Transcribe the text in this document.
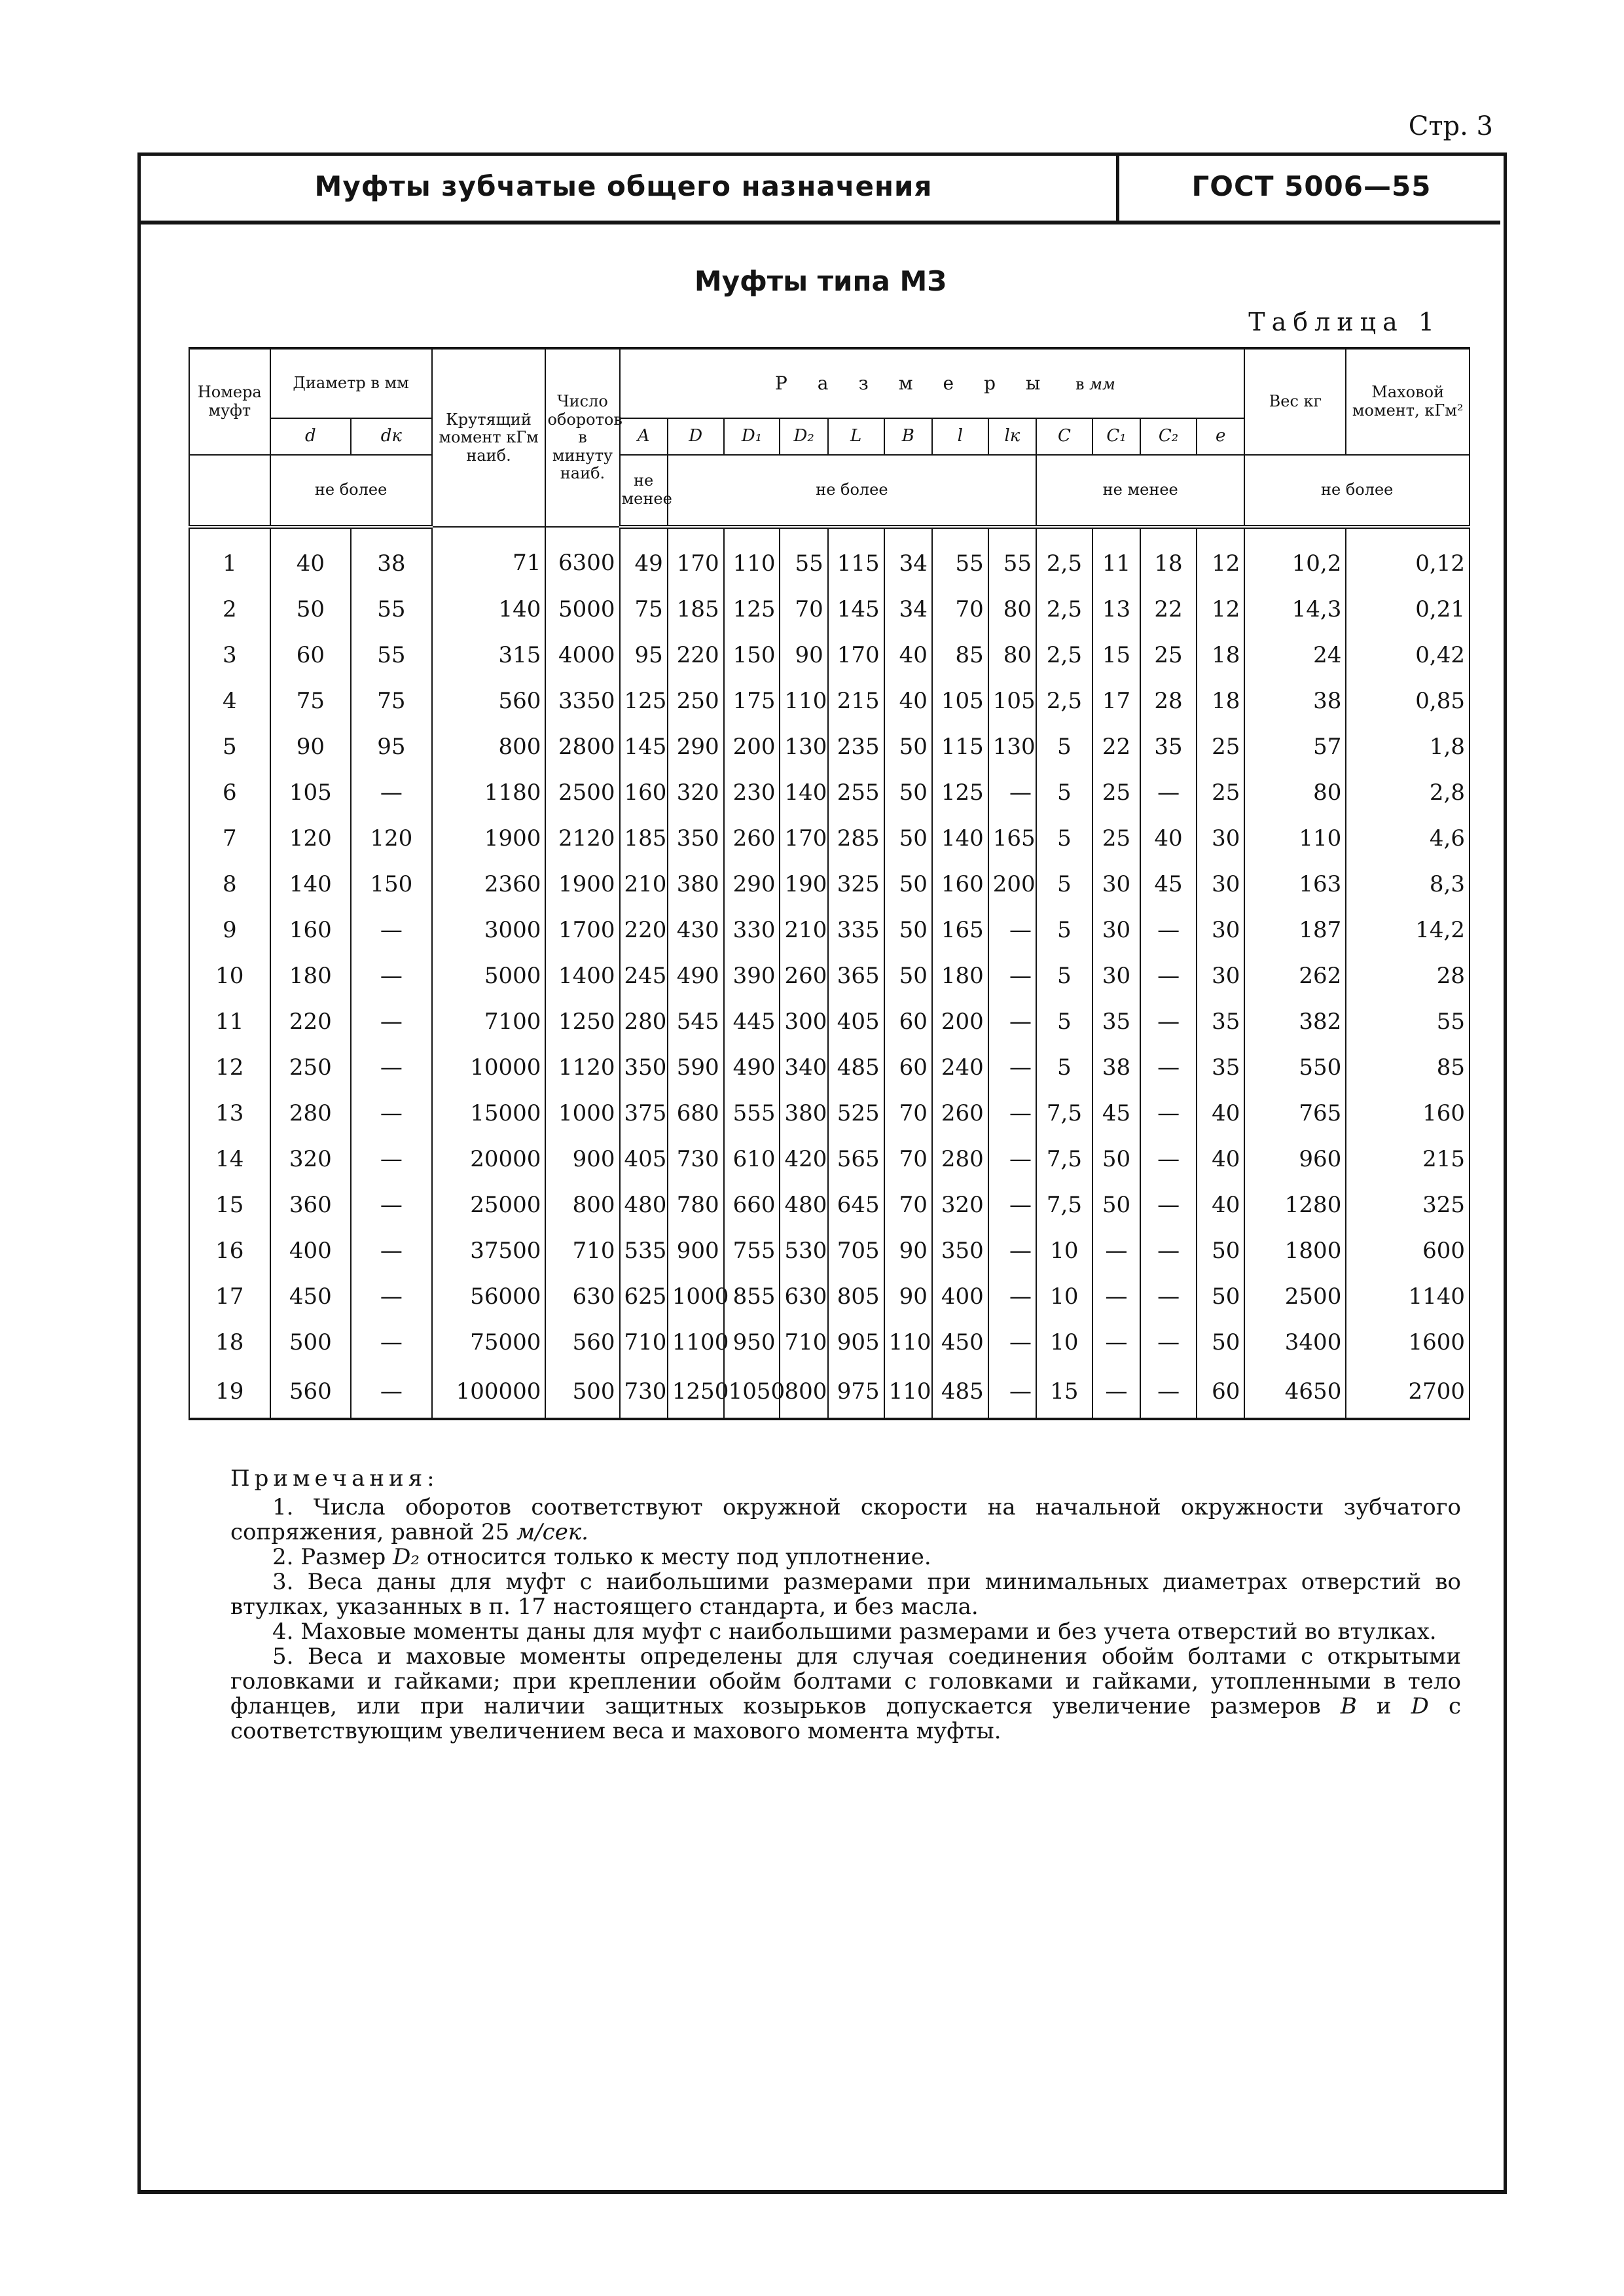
Стр. 3
Муфты зубчатые общего назначения	ГОСТ 5006—55
Муфты типа МЗ
Таблица 1
Номера муфт	Диаметр в мм		Крутящий момент кГм наиб.	Число оборотов в минуту наиб.	Размеры в мм												Вес кг	Маховой момент, кГм²
	d	dк			A	D	D₁	D₂	L	B	l	lк	C	C₁	C₂	e		
	не более				не менее	не более							не менее				не более	
1	40	38	71	6300	49	170	110	55	115	34	55	55	2,5	11	18	12	10,2	0,12
2	50	55	140	5000	75	185	125	70	145	34	70	80	2,5	13	22	12	14,3	0,21
3	60	55	315	4000	95	220	150	90	170	40	85	80	2,5	15	25	18	24	0,42
4	75	75	560	3350	125	250	175	110	215	40	105	105	2,5	17	28	18	38	0,85
5	90	95	800	2800	145	290	200	130	235	50	115	130	5	22	35	25	57	1,8
6	105	—	1180	2500	160	320	230	140	255	50	125	—	5	25	—	25	80	2,8
7	120	120	1900	2120	185	350	260	170	285	50	140	165	5	25	40	30	110	4,6
8	140	150	2360	1900	210	380	290	190	325	50	160	200	5	30	45	30	163	8,3
9	160	—	3000	1700	220	430	330	210	335	50	165	—	5	30	—	30	187	14,2
10	180	—	5000	1400	245	490	390	260	365	50	180	—	5	30	—	30	262	28
11	220	—	7100	1250	280	545	445	300	405	60	200	—	5	35	—	35	382	55
12	250	—	10000	1120	350	590	490	340	485	60	240	—	5	38	—	35	550	85
13	280	—	15000	1000	375	680	555	380	525	70	260	—	7,5	45	—	40	765	160
14	320	—	20000	900	405	730	610	420	565	70	280	—	7,5	50	—	40	960	215
15	360	—	25000	800	480	780	660	480	645	70	320	—	7,5	50	—	40	1280	325
16	400	—	37500	710	535	900	755	530	705	90	350	—	10	—	—	50	1800	600
17	450	—	56000	630	625	1000	855	630	805	90	400	—	10	—	—	50	2500	1140
18	500	—	75000	560	710	1100	950	710	905	110	450	—	10	—	—	50	3400	1600
19	560	—	100000	500	730	1250	1050	800	975	110	485	—	15	—	—	60	4650	2700
Примечания:

1. Числа оборотов соответствуют окружной скорости на начальной окружности зубчатого сопряжения, равной 25 м/сек.

2. Размер D₂ относится только к месту под уплотнение.

3. Веса даны для муфт с наибольшими размерами при минимальных диаметрах отверстий во втулках, указанных в п. 17 настоящего стандарта, и без масла.

4. Маховые моменты даны для муфт с наибольшими размерами и без учета отверстий во втулках.

5. Веса и маховые моменты определены для случая соединения обойм болтами с открытыми головками и гайками; при креплении обойм болтами с головками и гайками, утопленными в тело фланцев, или при наличии защитных козырьков допускается увеличение размеров B и D с соответствующим увеличением веса и махового момента муфты.
